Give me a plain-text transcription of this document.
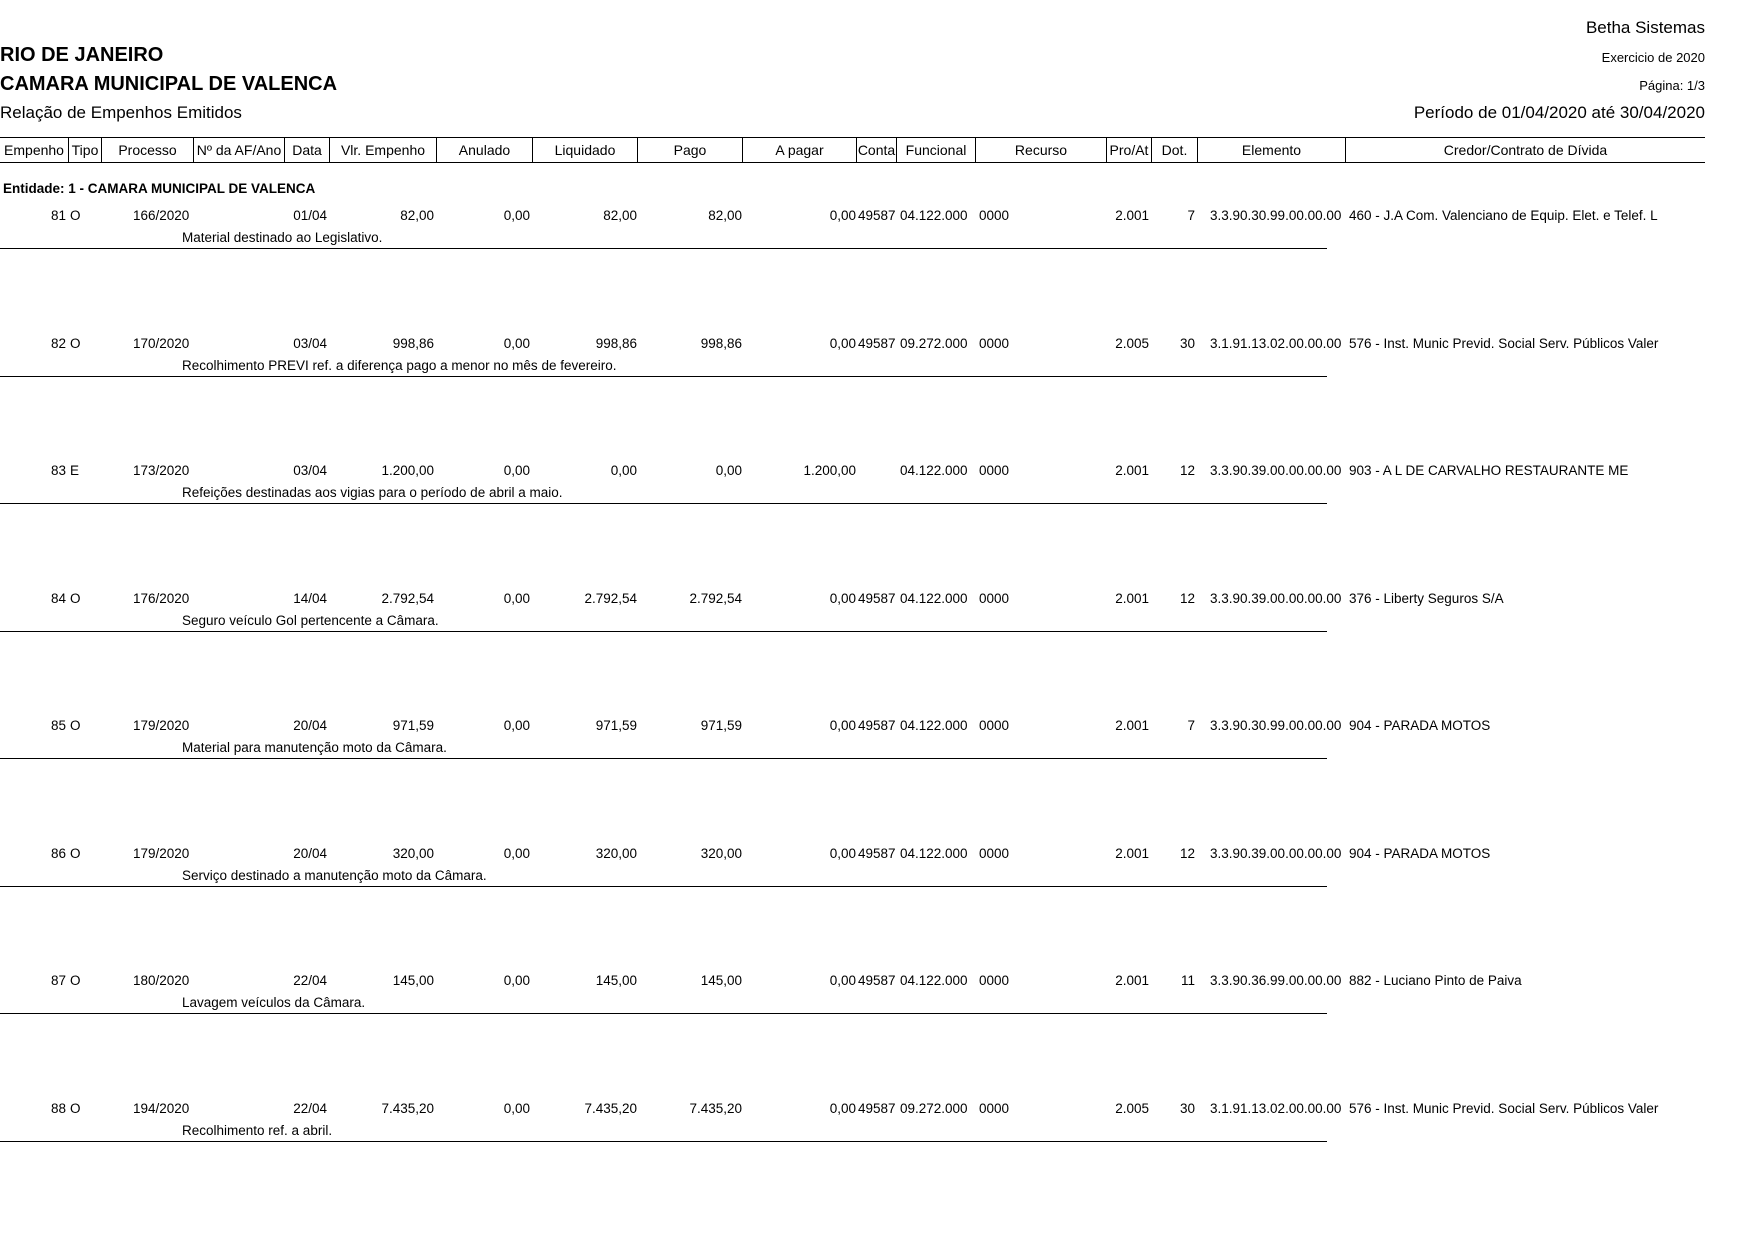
Betha Sistemas
RIO DE JANEIRO	Exercicio de 2020
CAMARA MUNICIPAL DE VALENCA	Página: 1/3
Relação de Empenhos Emitidos	Período de 01/04/2020 até 30/04/2020
Empenho Tipo	Processo	Nº da AF/Ano Data	Vlr. Empenho	Anulado	Liquidado	Pago	A pagar	Conta Funcional	Recurso	Pro/At Dot.	Elemento	Credor/Contrato de Dívida
Entidade: 1 - CAMARA MUNICIPAL DE VALENCA
81 O	166/2020	01/04	82,00	0,00	82,00	82,00	0,00 49587 04.122.000 0000	2.001	7 3.3.90.30.99.00.00.00 460 - J.A Com. Valenciano de Equip. Elet. e Telef. L
Material destinado ao Legislativo.
82 O	170/2020	03/04	998,86	0,00	998,86	998,86	0,00 49587 09.272.000 0000	2.005	30 3.1.91.13.02.00.00.00 576 - Inst. Munic Previd. Social Serv. Públicos Valer
Recolhimento PREVI ref. a diferença pago a menor no mês de fevereiro.
83 E	173/2020	03/04	1.200,00	0,00	0,00	0,00	1.200,00	04.122.000 0000	2.001	12 3.3.90.39.00.00.00.00 903 - A L DE CARVALHO RESTAURANTE ME
Refeições destinadas aos vigias para o período de abril a maio.
84 O	176/2020	14/04	2.792,54	0,00	2.792,54	2.792,54	0,00 49587 04.122.000 0000	2.001	12 3.3.90.39.00.00.00.00 376 - Liberty Seguros S/A
Seguro veículo Gol pertencente a Câmara.
85 O	179/2020	20/04	971,59	0,00	971,59	971,59	0,00 49587 04.122.000 0000	2.001	7 3.3.90.30.99.00.00.00 904 - PARADA MOTOS
Material para manutenção moto da Câmara.
86 O	179/2020	20/04	320,00	0,00	320,00	320,00	0,00 49587 04.122.000 0000	2.001	12 3.3.90.39.00.00.00.00 904 - PARADA MOTOS
Serviço destinado a manutenção moto da Câmara.
87 O	180/2020	22/04	145,00	0,00	145,00	145,00	0,00 49587 04.122.000 0000	2.001	11 3.3.90.36.99.00.00.00 882 - Luciano Pinto de Paiva
Lavagem veículos da Câmara.
88 O	194/2020	22/04	7.435,20	0,00	7.435,20	7.435,20	0,00 49587 09.272.000 0000	2.005	30 3.1.91.13.02.00.00.00 576 - Inst. Munic Previd. Social Serv. Públicos Valer
Recolhimento ref. a abril.
